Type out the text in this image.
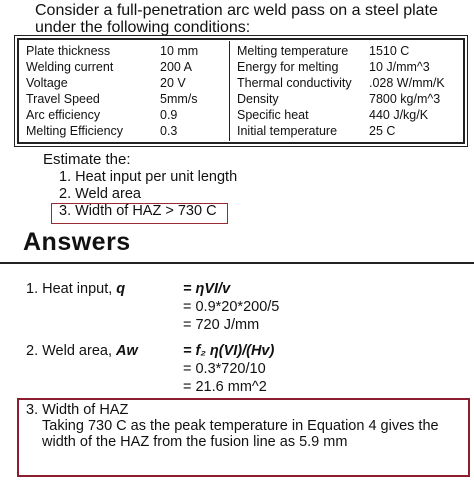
Consider a full-penetration arc weld pass on a steel plate
under the following conditions:
Plate thickness
Welding current
Voltage
Travel Speed
Arc efficiency
Melting Efficiency
10 mm
200 A
20 V
5mm/s
0.9
0.3
Melting temperature
Energy for melting
Thermal conductivity
Density
Specific heat
Initial temperature
1510 C
10 J/mm^3
.028 W/mm/K
7800 kg/m^3
440 J/kg/K
25 C
Estimate the:
1. Heat input per unit length
2. Weld area
3. Width of HAZ > 730 C
Answers
1. Heat input, q	= ηVI/v
= 0.9*20*200/5
= 720 J/mm
2. Weld area, Aw	= f₂ η(VI)/(Hv)
= 0.3*720/10
= 21.6 mm^2
3. Width of HAZ
Taking 730 C as the peak temperature in Equation 4 gives the width of the HAZ from the fusion line as 5.9 mm
